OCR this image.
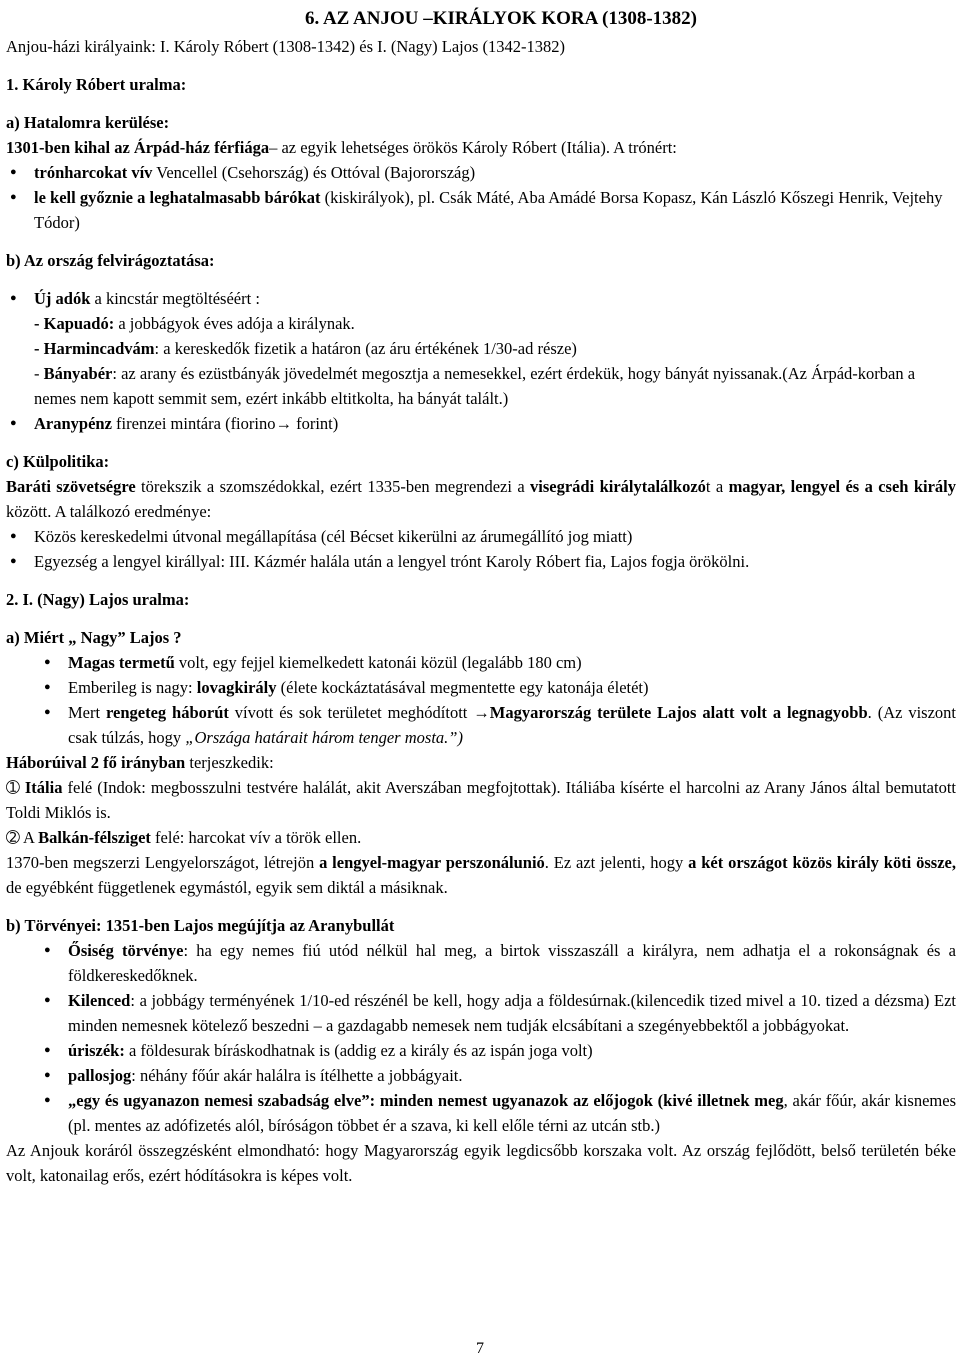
6. AZ ANJOU –KIRÁLYOK KORA (1308-1382)

Anjou-házi királyaink: I. Károly Róbert (1308-1342) és I. (Nagy) Lajos (1342-1382)

1. Károly Róbert uralma:

a) Hatalomra kerülése:

1301-ben kihal az Árpád-ház férfiága– az egyik lehetséges örökös Károly Róbert (Itália). A trónért:

● trónharcokat vív Vencellel (Csehország) és Ottóval (Bajorország)
● le kell győznie a leghatalmasabb bárókat (kiskirályok), pl. Csák Máté, Aba Amádé Borsa Kopasz, Kán László Kőszegi Henrik, Vejtehy Tódor)

b) Az ország felvirágoztatása:

● Új adók a kincstár megtöltéséért :

- Kapuadó: a jobbágyok éves adója a királynak.

- Harmincadvám: a kereskedők fizetik a határon (az áru értékének 1/30-ad része)

- Bányabér: az arany és ezüstbányák jövedelmét megosztja a nemesekkel, ezért érdekük, hogy bányát nyissanak.(Az Árpád-korban a nemes nem kapott semmit sem, ezért inkább eltitkolta, ha bányát talált.)

● Aranypénz firenzei mintára (fiorino→ forint)

c) Külpolitika:

Baráti szövetségre törekszik a szomszédokkal, ezért 1335-ben megrendezi a visegrádi királytalálkozót a magyar, lengyel és a cseh király között. A találkozó eredménye:

● Közös kereskedelmi útvonal megállapítása (cél Bécset kikerülni az árumegállító jog miatt)
● Egyezség a lengyel királlyal: III. Kázmér halála után a lengyel trónt Karoly Róbert fia, Lajos fogja örökölni.

2. I. (Nagy) Lajos uralma:

a) Miért „ Nagy” Lajos ?

● Magas termetű volt, egy fejjel kiemelkedett katonái közül (legalább 180 cm)
● Emberileg is nagy: lovagkirály (élete kockáztatásával megmentette egy katonája életét)
● Mert rengeteg háborút vívott és sok területet meghódított →Magyarország területe Lajos alatt volt a legnagyobb. (Az viszont csak túlzás, hogy „Országa határait három tenger mosta.”)

Háborúival 2 fő irányban terjeszkedik:

➀ Itália felé (Indok: megbosszulni testvére halálát, akit Averszában megfojtottak). Itáliába kísérte el harcolni az Arany János által bemutatott Toldi Miklós is.

➁ A Balkán-félsziget felé: harcokat vív a török ellen.

1370-ben megszerzi Lengyelországot, létrejön a lengyel-magyar perszonálunió. Ez azt jelenti, hogy a két országot közös király köti össze, de egyébként függetlenek egymástól, egyik sem diktál a másiknak.

b) Törvényei: 1351-ben Lajos megújítja az Aranybullát

● Ősiség törvénye: ha egy nemes fiú utód nélkül hal meg, a birtok visszaszáll a királyra, nem adhatja el a rokonságnak és a földkereskedőknek.
● Kilenced: a jobbágy terményének 1/10-ed részénél be kell, hogy adja a földesúrnak.(kilencedik tized mivel a 10. tized a dézsma) Ezt minden nemesnek kötelező beszedni – a gazdagabb nemesek nem tudják elcsábítani a szegényebbektől a jobbágyokat.
● úriszék: a földesurak bíráskodhatnak is (addig ez a király és az ispán joga volt)
● pallosjog: néhány főúr akár halálra is ítélhette a jobbágyait.
● „egy és ugyanazon nemesi szabadság elve”: minden nemest ugyanazok az előjogok (kivé illetnek meg, akár főúr, akár kisnemes (pl. mentes az adófizetés alól, bíróságon többet ér a szava, ki kell előle térni az utcán stb.)

Az Anjouk koráról összegzésként elmondható: hogy Magyarország egyik legdicsőbb korszaka volt. Az ország fejlődött, belső területén béke volt, katonailag erős, ezért hódításokra is képes volt.

7
